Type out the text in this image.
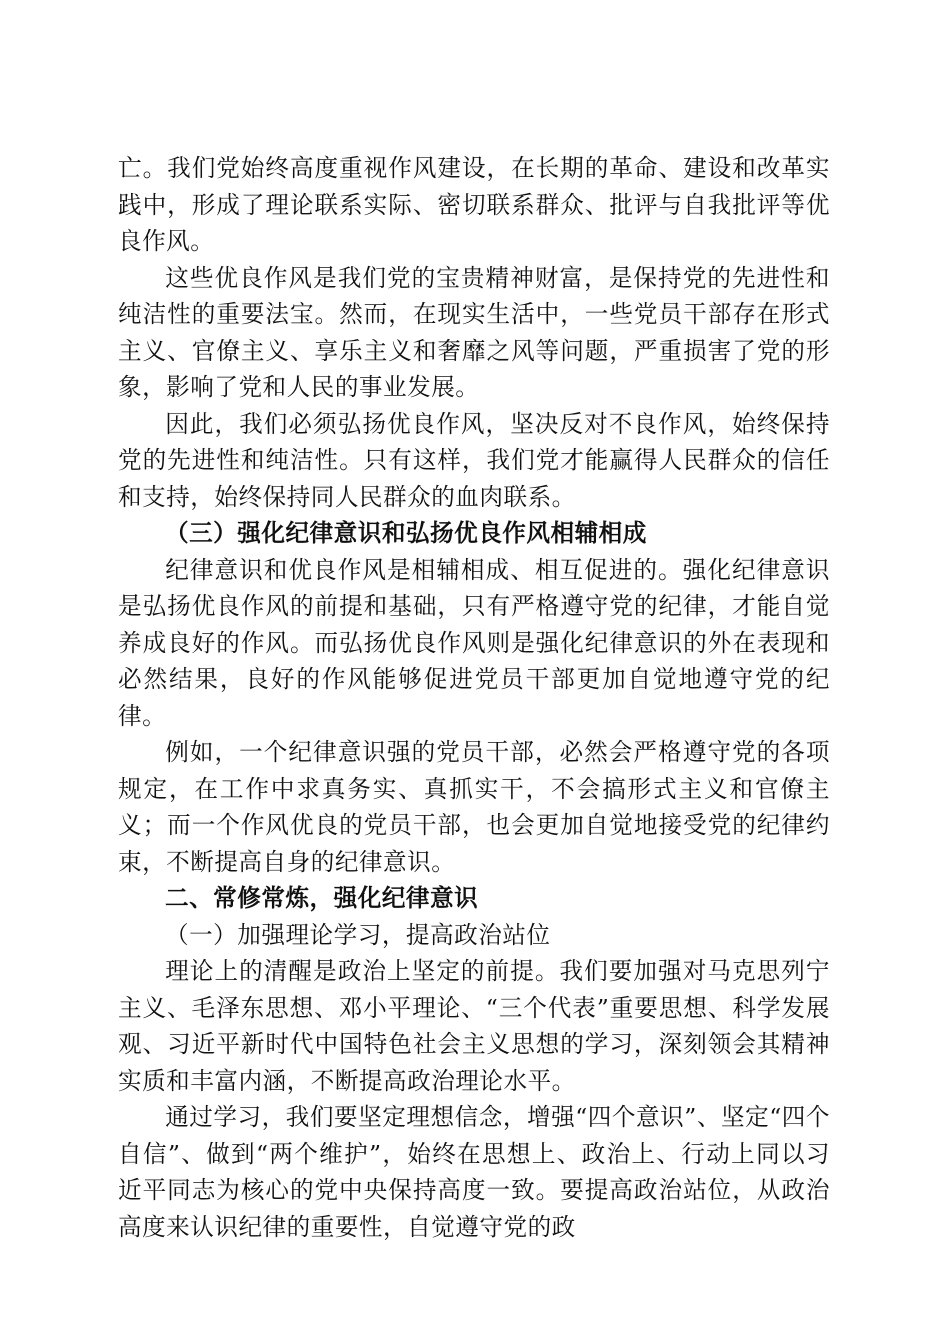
亡。我们党始终高度重视作风建设，在长期的革命、建设和改革实践中，形成了理论联系实际、密切联系群众、批评与自我批评等优良作风。

这些优良作风是我们党的宝贵精神财富，是保持党的先进性和纯洁性的重要法宝。然而，在现实生活中，一些党员干部存在形式主义、官僚主义、享乐主义和奢靡之风等问题，严重损害了党的形象，影响了党和人民的事业发展。

因此，我们必须弘扬优良作风，坚决反对不良作风，始终保持党的先进性和纯洁性。只有这样，我们党才能赢得人民群众的信任和支持，始终保持同人民群众的血肉联系。

（三）强化纪律意识和弘扬优良作风相辅相成

纪律意识和优良作风是相辅相成、相互促进的。强化纪律意识是弘扬优良作风的前提和基础，只有严格遵守党的纪律，才能自觉养成良好的作风。而弘扬优良作风则是强化纪律意识的外在表现和必然结果，良好的作风能够促进党员干部更加自觉地遵守党的纪律。

例如，一个纪律意识强的党员干部，必然会严格遵守党的各项规定，在工作中求真务实、真抓实干，不会搞形式主义和官僚主义；而一个作风优良的党员干部，也会更加自觉地接受党的纪律约束，不断提高自身的纪律意识。

二、常修常炼，强化纪律意识

（一）加强理论学习，提高政治站位

理论上的清醒是政治上坚定的前提。我们要加强对马克思列宁主义、毛泽东思想、邓小平理论、“三个代表”重要思想、科学发展观、习近平新时代中国特色社会主义思想的学习，深刻领会其精神实质和丰富内涵，不断提高政治理论水平。

通过学习，我们要坚定理想信念，增强“四个意识”、坚定“四个自信”、做到“两个维护”，始终在思想上、政治上、行动上同以习近平同志为核心的党中央保持高度一致。要提高政治站位，从政治高度来认识纪律的重要性，自觉遵守党的政
